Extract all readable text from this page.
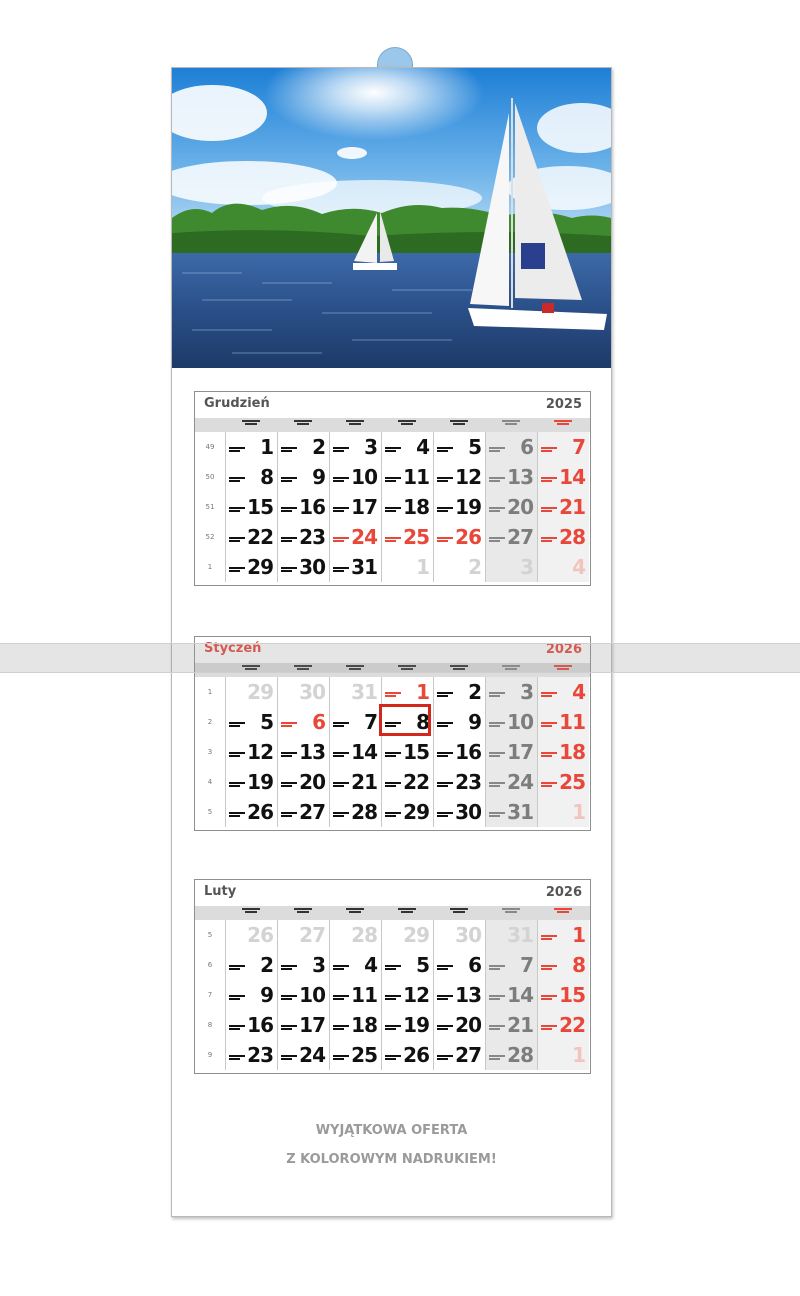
Grudzień	2025
49	1 2 3 4 5 6 7
50	8 9 10 11 12 13 14
51	15 16 17 18 19 20 21
52	22 23 24 25 26 27 28
1	29 30 31 1 2 3 4
Styczeń	2026
1	29 30 31 1 2 3 4
2	5 6 7 8 9 10 11
3	12 13 14 15 16 17 18
4	19 20 21 22 23 24 25
5	26 27 28 29 30 31 1
Luty	2026
5	26 27 28 29 30 31 1
6	2 3 4 5 6 7 8
7	9 10 11 12 13 14 15
8	16 17 18 19 20 21 22
9	23 24 25 26 27 28 1
WYJĄTKOWA OFERTA
Z KOLOROWYM NADRUKIEM!
